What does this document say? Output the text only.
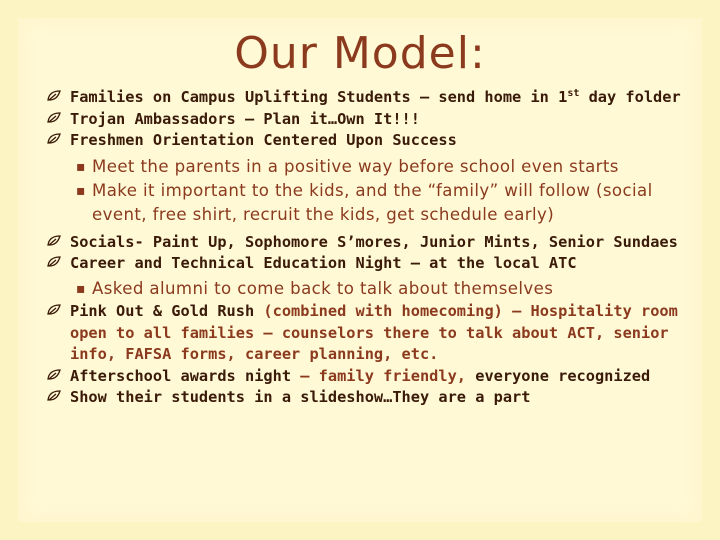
Our Model:
Families on Campus Uplifting Students – send home in 1st day folder
Trojan Ambassadors – Plan it…Own It!!!
Freshmen Orientation Centered Upon Success
▪ Meet the parents in a positive way before school even starts
▪ Make it important to the kids, and the “family” will follow (social event, free shirt, recruit the kids, get schedule early)
Socials- Paint Up, Sophomore S’mores, Junior Mints, Senior Sundaes
Career and Technical Education Night – at the local ATC
▪ Asked alumni to come back to talk about themselves
Pink Out & Gold Rush (combined with homecoming) – Hospitality room open to all families – counselors there to talk about ACT, senior info, FAFSA forms, career planning, etc.
Afterschool awards night – family friendly, everyone recognized
Show their students in a slideshow…They are a part
